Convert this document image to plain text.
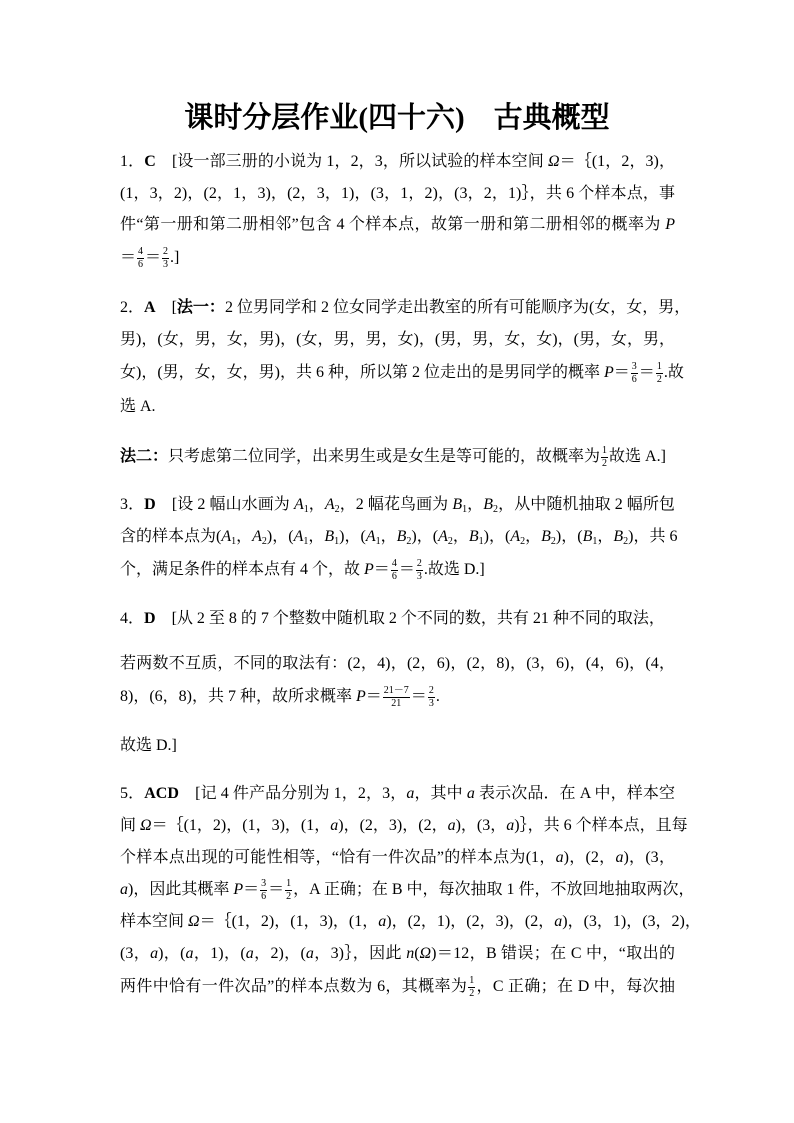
课时分层作业(四十六)　古典概型
1．C　[设一部三册的小说为 1，2，3，所以试验的样本空间 Ω＝｛(1，2，3)，
(1，3，2)，(2，1，3)，(2，3，1)，(3，1，2)，(3，2，1)｝，共 6 个样本点，事
件“第一册和第二册相邻”包含 4 个样本点，故第一册和第二册相邻的概率为 P
＝ $\frac{4}{6} = \frac{2}{3}$ .]
2．A　[法一：2 位男同学和 2 位女同学走出教室的所有可能顺序为(女，女，男，
男)，(女，男，女，男)，(女，男，男，女)，(男，男，女，女)，(男，女，男，
女)，(男，女，女，男)，共 6 种，所以第 2 位走出的是男同学的概率 $P= \frac{3}{6} = \frac{1}{2}$ .故
选 A.
法二：只考虑第二位同学，出来男生或是女生是等可能的，故概率为 $\frac{1}{2}$ 故选 A.]
3．D　[设 2 幅山水画为 $A_1$，$A_2$，2 幅花鸟画为 $B_1$，$B_2$，从中随机抽取 2 幅所包
含的样本点为($A_1$，$A_2$)，($A_1$，$B_1$)，($A_1$，$B_2$)，($A_2$，$B_1$)，($A_2$，$B_2$)，($B_1$，$B_2$)，共 6
个，满足条件的样本点有 4 个，故 $P= \frac{4}{6} = \frac{2}{3}$ .故选 D.]
4．D　[从 2 至 8 的 7 个整数中随机取 2 个不同的数，共有 21 种不同的取法，
若两数不互质，不同的取法有：(2，4)，(2，6)，(2，8)，(3，6)，(4，6)，(4，
8)，(6，8)，共 7 种，故所求概率 $P= \frac{21-7}{21} = \frac{2}{3}$ .
故选 D.]
5．ACD　[记 4 件产品分别为 1，2，3，a，其中 a 表示次品．在 A 中，样本空
间 Ω＝｛(1，2)，(1，3)，(1，a)，(2，3)，(2，a)，(3，a)｝，共 6 个样本点，且每
个样本点出现的可能性相等，“恰有一件次品”的样本点为(1，a)，(2，a)，(3，
a)，因此其概率 $P= \frac{3}{6} = \frac{1}{2}$ ，A 正确；在 B 中，每次抽取 1 件，不放回地抽取两次，
样本空间 Ω＝｛(1，2)，(1，3)，(1，a)，(2，1)，(2，3)，(2，a)，(3，1)，(3，2)，
(3，a)，(a，1)，(a，2)，(a，3)｝，因此 n(Ω)＝12，B 错误；在 C 中，“取出的
两件中恰有一件次品”的样本点数为 6，其概率为 $\frac{1}{2}$ ，C 正确；在 D 中，每次抽
